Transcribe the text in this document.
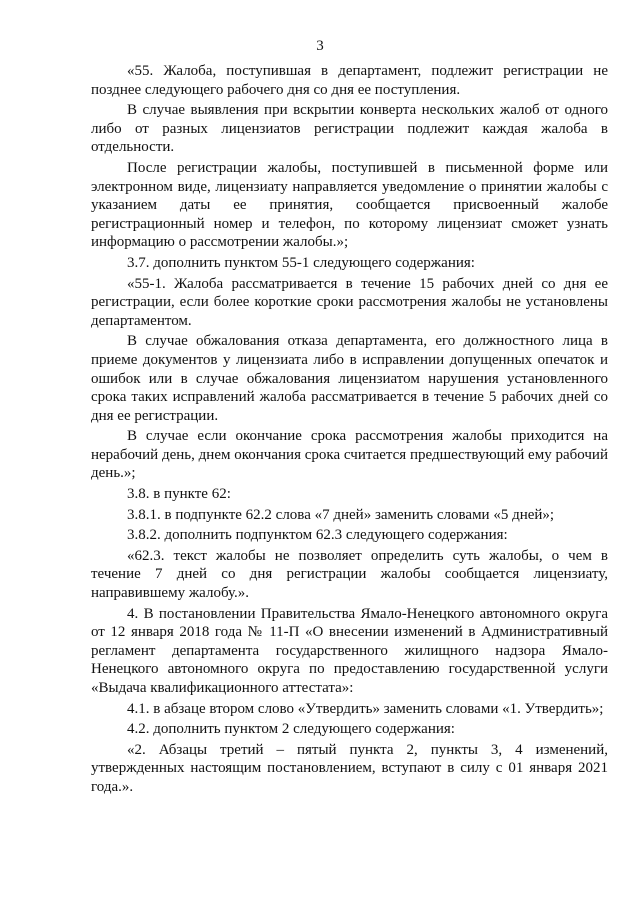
3

«55. Жалоба, поступившая в департамент, подлежит регистрации не позднее следующего рабочего дня со дня ее поступления.

В случае выявления при вскрытии конверта нескольких жалоб от одного либо от разных лицензиатов регистрации подлежит каждая жалоба в отдельности.

После регистрации жалобы, поступившей в письменной форме или электронном виде, лицензиату направляется уведомление о принятии жалобы с указанием даты ее принятия, сообщается присвоенный жалобе регистрационный номер и телефон, по которому лицензиат сможет узнать информацию о рассмотрении жалобы.»;

3.7. дополнить пунктом 55-1 следующего содержания:

«55-1. Жалоба рассматривается в течение 15 рабочих дней со дня ее регистрации, если более короткие сроки рассмотрения жалобы не установлены департаментом.

В случае обжалования отказа департамента, его должностного лица в приеме документов у лицензиата либо в исправлении допущенных опечаток и ошибок или в случае обжалования лицензиатом нарушения установленного срока таких исправлений жалоба рассматривается в течение 5 рабочих дней со дня ее регистрации.

В случае если окончание срока рассмотрения жалобы приходится на нерабочий день, днем окончания срока считается предшествующий ему рабочий день.»;

3.8. в пункте 62:

3.8.1. в подпункте 62.2 слова «7 дней» заменить словами «5 дней»;

3.8.2. дополнить подпунктом 62.3 следующего содержания:

«62.3. текст жалобы не позволяет определить суть жалобы, о чем в течение 7 дней со дня регистрации жалобы сообщается лицензиату, направившему жалобу.».

4. В постановлении Правительства Ямало-Ненецкого автономного округа от 12 января 2018 года № 11-П «О внесении изменений в Административный регламент департамента государственного жилищного надзора Ямало-Ненецкого автономного округа по предоставлению государственной услуги «Выдача квалификационного аттестата»:

4.1. в абзаце втором слово «Утвердить» заменить словами «1. Утвердить»;

4.2. дополнить пунктом 2 следующего содержания:

«2. Абзацы третий – пятый пункта 2, пункты 3, 4 изменений, утвержденных настоящим постановлением, вступают в силу с 01 января 2021 года.».
